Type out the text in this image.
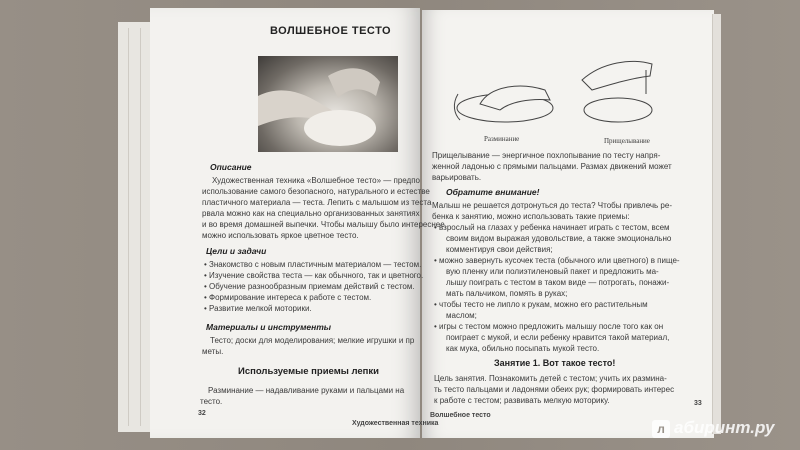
ВОЛШЕБНОЕ ТЕСТО
Описание
Художественная техника «Волшебное тесто» — предпо
использование самого безопасного, натурального и естестве
пластичного материала — теста. Лепить с малышом из теста
рвала можно как на специально организованных занятиях
и во время домашней выпечки. Чтобы малышу было интереснее,
можно использовать яркое цветное тесто.
Цели и задачи
• Знакомство с новым пластичным материалом — тестом.
• Изучение свойства теста — как обычного, так и цветного.
• Обучение разнообразным приемам действий с тестом.
• Формирование интереса к работе с тестом.
• Развитие мелкой моторики.
Материалы и инструменты
Тесто; доски для моделирования; мелкие игрушки и пр
меты.
Используемые приемы лепки
Разминание — надавливание руками и пальцами на
тесто.
32
Художественная техника
Разминание	Прищелывание
Прищелывание — энергичное похлопывание по тесту напря-
женной ладонью с прямыми пальцами. Размах движений может
варьировать.
Обратите внимание!
Малыш не решается дотронуться до теста? Чтобы привлечь ре-
бенка к занятию, можно использовать такие приемы:
• взрослый на глазах у ребенка начинает играть с тестом, всем
своим видом выражая удовольствие, а также эмоционально
комментируя свои действия;
• можно завернуть кусочек теста (обычного или цветного) в пище-
вую пленку или полиэтиленовый пакет и предложить ма-
лышу поиграть с тестом в таком виде — потрогать, понажи-
мать пальчиком, помять в руках;
• чтобы тесто не липло к рукам, можно его растительным
маслом;
• игры с тестом можно предложить малышу после того как он
поиграет с мукой, и если ребенку нравится такой материал,
как мука, обильно посыпать мукой тесто.
Занятие 1. Вот такое тесто!
Цель занятия. Познакомить детей с тестом; учить их размина-
ть тесто пальцами и ладонями обеих рук; формировать интерес
к работе с тестом; развивать мелкую моторику.
Волшебное тесто
33
л абиринт.ру
